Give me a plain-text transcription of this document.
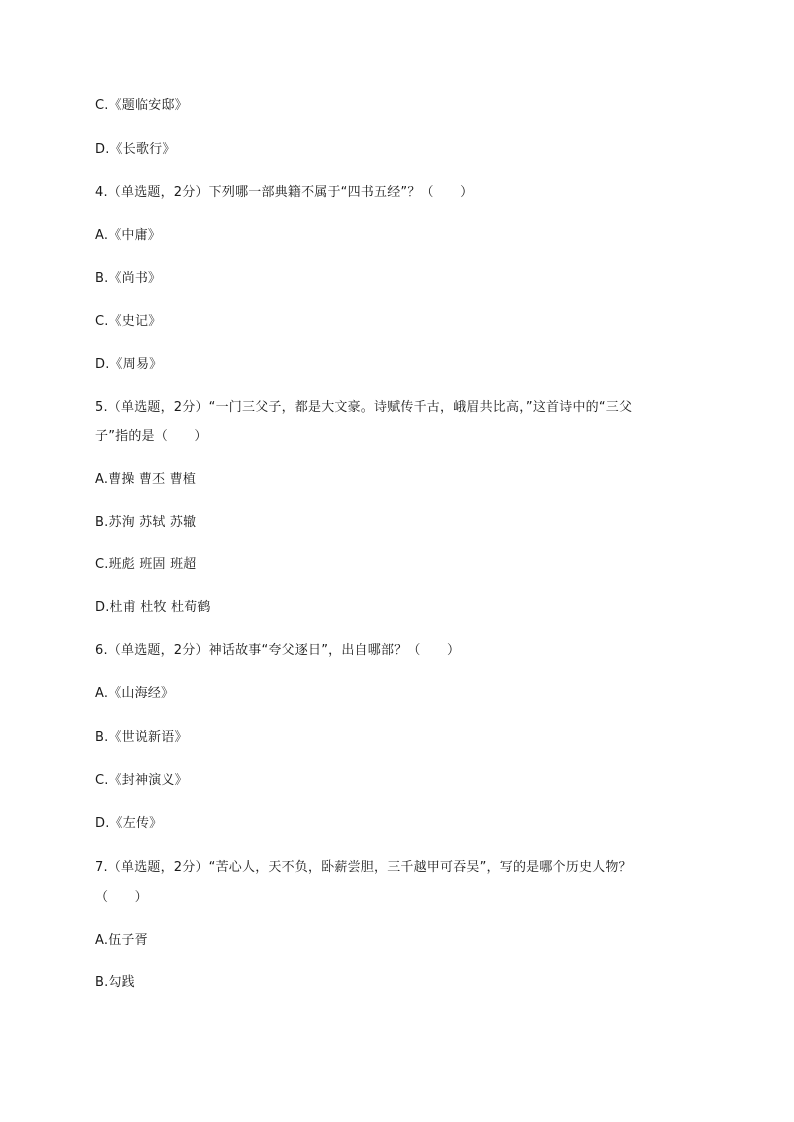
C.《题临安邸》
D.《长歌行》
4.（单选题，2分）下列哪一部典籍不属于“四书五经”？（　　）
A.《中庸》
B.《尚书》
C.《史记》
D.《周易》
5.（单选题，2分）“一门三父子，都是大文豪。诗赋传千古，峨眉共比高，”这首诗中的“三父
子”指的是（　　）
A.曹操 曹丕 曹植
B.苏洵 苏轼 苏辙
C.班彪 班固 班超
D.杜甫 杜牧 杜荀鹤
6.（单选题，2分）神话故事“夸父逐日”，出自哪部？（　　）
A.《山海经》
B.《世说新语》
C.《封神演义》
D.《左传》
7.（单选题，2分）“苦心人，天不负，卧薪尝胆，三千越甲可吞吴”，写的是哪个历史人物？
（　　）
A.伍子胥
B.勾践
